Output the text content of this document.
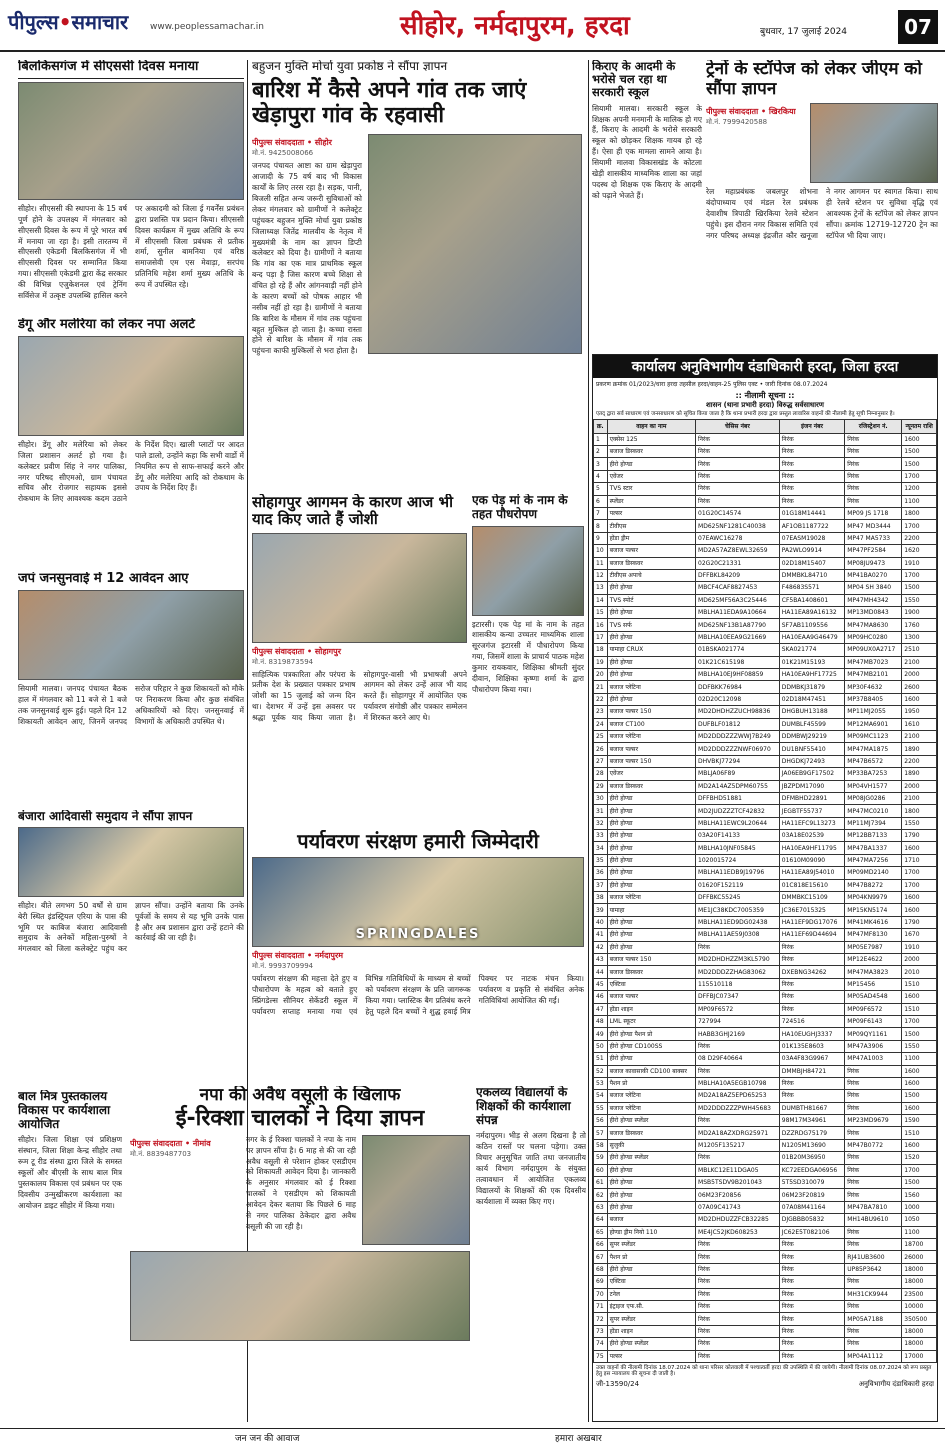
पीपुल्स•समाचार www.peoplessamachar.in	सीहोर, नर्मदापुरम, हरदा	बुधवार, 17 जुलाई 2024	07
बिलकिसगंज में सीएससी दिवस मनाया
सीहोर। सीएससी की स्थापना के 15 वर्ष पूर्ण होने के उपलक्ष्य में मंगलवार को सीएससी दिवस के रूप में पूरे भारत वर्ष में मनाया जा रहा है। इसी तारतम्य में सीएससी एकेडमी बिलकिसगंज में भी सीएससी दिवस पर सम्मानित किया गया। सीएससी एकेडमी द्वारा केंद्र सरकार की विभिन्न एजुकेशनल एवं ट्रेनिंग सर्विसेज में उत्कृष्ट उपलब्धि हासिल करने पर अकादमी को जिला ई गवर्नेंस प्रबंधन द्वारा प्रशस्ति पत्र प्रदान किया। सीएससी दिवस कार्यक्रम में मुख्य अतिथि के रूप में सीएससी जिला प्रबंधक से प्रतीक शर्मा, सुनील बामनिया एवं वरिष्ठ समाजसेवी एम एस मेवाड़ा, सरपंच प्रतिनिधि महेश शर्मा मुख्य अतिथि के रूप में उपस्थित रहे।
डेंगू और मलेरिया को लेकर नपा अलर्ट
सीहोर। डेंगू और मलेरिया को लेकर जिला प्रशासन अलर्ट हो गया है। कलेक्टर प्रवीण सिंह ने नगर पालिका, नगर परिषद सीएमओ, ग्राम पंचायत सचिव और रोजगार सहायक इससे रोकथाम के लिए आवश्यक कदम उठाने के निर्देश दिए। खाली प्लाटों पर आदत पाले डालो, उन्होंने कहा कि सभी वार्डो में नियमित रूप से साफ-सफाई करने और डेंगू और मलेरिया आदि को रोकथाम के उपाय के निर्देश दिए हैं।
जपं जनसुनवाई में 12 आवेदन आए
सियामी मालवा। जनपद पंचायत बैठक हाल में मंगलवार को 11 बजे से 1 बजे तक जनसुनवाई शुरू हुई। पहले दिन 12 शिकायती आवेदन आए, जिनमें जनपद सरोज परिहार ने कुछ शिकायतों को मौके पर निराकरण किया और कुछ संबंधित अधिकारियों को दिए। जनसुनवाई में विभागों के अधिकारी उपस्थित थे।
बंजारा आदिवासी समुदाय ने सौंपा ज्ञापन
सीहोर। बीते लगभग 50 वर्षों से ग्राम बेरी स्थित इंडस्ट्रियल एरिया के पास की भूमि पर काबिज बंजारा आदिवासी समुदाय के अनेकों महिला-पुरुषों ने मंगलवार को जिला कलेक्ट्रेट पहुंच कर ज्ञापन सौंपा। उन्होंने बताया कि उनके पूर्वजों के समय से यह भूमि उनके पास है और अब प्रशासन द्वारा उन्हें हटाने की कार्रवाई की जा रही है।
बाल मित्र पुस्तकालय विकास पर कार्यशाला आयोजित
सीहोर। जिला शिक्षा एवं प्रशिक्षण संस्थान, जिला शिक्षा केन्द्र सीहोर तथा रूम टू रीड संस्था द्वारा जिले के समस्त स्कूलों और बीएसी के साथ बाल मित्र पुस्तकालय विकास एवं प्रबंधन पर एक दिवसीय उन्मुखीकरण कार्यशाला का आयोजन डाइट सीहोर में किया गया।
बहुजन मुक्ति मोर्चा युवा प्रकोष्ठ ने सौंपा ज्ञापन
बारिश में कैसे अपने गांव तक जाएं खेड़ापुरा गांव के रहवासी
पीपुल्स संवाददाता • सीहोर
मो.नं. 9425008066
जनपद पंचायत आष्टा का ग्राम खेड़ापुरा आजादी के 75 वर्ष बाद भी विकास कार्यों के लिए तरस रहा है। सड़क, पानी, बिजली सहित अन्य जरूरी सुविधाओं को लेकर मंगलवार को ग्रामीणों ने कलेक्ट्रेट पहुंचकर बहुजन मुक्ति मोर्चा युवा प्रकोष्ठ जिलाध्यक्ष जितेंद्र मालवीय के नेतृत्व में मुख्यमंत्री के नाम का ज्ञापन डिप्टी कलेक्टर को दिया है। ग्रामीणों ने बताया कि गांव का एक मात्र प्राथमिक स्कूल बन्द पड़ा है जिस कारण बच्चे शिक्षा से वंचित हो रहे हैं और आंगनवाड़ी नहीं होने के कारण बच्चों को पोषक आहार भी नसीब नहीं हो रहा है। ग्रामीणों ने बताया कि बारिश के मौसम में गांव तक पहुंचना बहुत मुश्किल हो जाता है। कच्चा रास्ता होने से बारिश के मौसम में गांव तक पहुंचना काफी मुश्किलों से भरा होता है।
सोहागपुर आगमन के कारण आज भी याद किए जाते हैं जोशी
पीपुल्स संवाददाता • सोहागपुर
मो.नं. 8319873594
साहित्यिक पत्रकारिता और परंपरा के प्रतीक देश के प्रख्यात पत्रकार प्रभाष जोशी का 15 जुलाई को जन्म दिन था। देशभर में उन्हें इस अवसर पर श्रद्धा पूर्वक याद किया जाता है। सोहागपुर-वासी भी प्रभाषजी अपने आगमन को लेकर उन्हें आज भी याद करते हैं। सोहागपुर में आयोजित एक पर्यावरण संगोष्ठी और पत्रकार सम्मेलन में शिरकत करने आए थे।
एक पेड़ मां के नाम के तहत पौधरोपण
इटारसी। एक पेड़ मां के नाम के तहत शासकीय कन्या उच्चतर माध्यमिक शाला सूरजगंज इटारसी में पौधारोपण किया गया, जिसमें शाला के प्राचार्य पाठक महेश कुमार रायकवार, शिक्षिका श्रीमती सुंदर दीवान, शिक्षिका कृष्णा शर्मा के द्वारा पौधारोपण किया गया।
पर्यावरण संरक्षण हमारी जिम्मेदारी
SPRINGDALES
पीपुल्स संवाददाता • नर्मदापुरम
मो.नं. 9993709994
पर्यावरण संरक्षण की महत्ता देते हुए व पौधारोपण के महत्व को बताते हुए स्प्रिंगडेल्स सीनियर सेकेंडरी स्कूल में पर्यावरण सप्ताह मनाया गया एवं विभिन्न गतिविधियों के माध्यम से बच्चों को पर्यावरण संरक्षण के प्रति जागरूक किया गया। प्लास्टिक बैग प्रतिबंध करने हेतु पहले दिन बच्चों ने शुद्ध हवाई मित्र पिक्चर पर नाटक मंचन किया। पर्यावरण व प्रकृति से संबंधित अनेक गतिविधियां आयोजित की गईं।
नपा की अवैध वसूली के खिलाफ
ई-रिक्शा चालकों ने दिया ज्ञापन
पीपुल्स संवाददाता • नीमांव
मो.नं. 8839487703
नगर के ई रिक्शा चालकों ने नपा के नाम पर ज्ञापन सौंपा है। 6 माह से की जा रही अवैध वसूली से परेशान होकर एसडीएम को शिकायती आवेदन दिया है। जानकारी के अनुसार मंगलवार को ई रिक्शा चालकों ने एसडीएम को शिकायती आवेदन देकर बताया कि पिछले 6 माह से नगर पालिका ठेकेदार द्वारा अवैध वसूली की जा रही है।
एकलव्य विद्यालयों के शिक्षकों की कार्यशाला संपन्न
नर्मदापुरम। भीड़ से अलग दिखना है तो कठिन रास्तों पर चलना पड़ेगा। उक्त विचार अनुसूचित जाति तथा जनजातीय कार्य विभाग नर्मदापुरम के संयुक्त तत्वावधान में आयोजित एकलव्य विद्यालयों के शिक्षकों की एक दिवसीय कार्यशाला में व्यक्त किए गए।
किराए के आदमी के भरोसे चल रहा था सरकारी स्कूल
सियामी मालवा। सरकारी स्कूल के शिक्षक अपनी मनमानी के मालिक हो गए हैं, किराए के आदमी के भरोसे सरकारी स्कूल को छोड़कर शिक्षक गायब हो रहे हैं। ऐसा ही एक मामला सामने आया है। सियामी मालवा विकासखंड के कोटला खेड़ी शासकीय माध्यमिक शाला का जहां पदस्थ दो शिक्षक एक किराए के आदमी को पढ़ाने भेजते हैं।
ट्रेनों के स्टॉपेज को लेकर जीएम को सौंपा ज्ञापन
पीपुल्स संवाददाता • खिरकिया
मो.नं. 7999420588
रेल महाप्रबंधक जबलपुर शोभना बंदोपाध्याय एवं मंडल रेल प्रबंधक देवाशीष त्रिपाठी खिरकिया रेलवे स्टेशन पहुंचे। इस दौरान नगर विकास समिति एवं नगर परिषद अध्यक्ष इंद्रजीत कौर खनूजा ने नगर आगमन पर स्वागत किया। साथ ही रेलवे स्टेशन पर सुविधा वृद्धि एवं आवश्यक ट्रेनों के स्टॉपेज को लेकर ज्ञापन सौंपा। क्रमांक 12719-12720 ट्रेन का स्टॉपेज भी दिया जाए।
कार्यालय अनुविभागीय दंडाधिकारी हरदा, जिला हरदा
प्रकरण क्रमांक 01/2023/धारा हरदा तहसील हरदा/वाहन-25 पुलिस एक्ट • जारी दिनांक 08.07.2024
:: नीलामी सूचना ::
शासन (थाना प्रभारी हरदा) विरुद्ध सर्वसाधारण
एतद् द्वारा सर्व साधारण एवं जनसाधारण को सूचित किया जाता है कि थाना प्रभारी हरदा द्वारा प्रस्तुत लावारिस वाहनों की नीलामी हेतु सूची निम्नानुसार है।
क्र.	वाहन का नाम	चेसिस नंबर	इंजन नंबर	रजिस्ट्रेशन नं.	न्यूनतम राशि
1	एक्सेस 125	निरंक	निरंक	निरंक	1600
2	बजाज डिस्कवर	निरंक	निरंक	निरंक	1500
3	हीरो होण्डा	निरंक	निरंक	निरंक	1500
4	एवेंजर	निरंक	निरंक	निरंक	1700
5	TVS स्टार	निरंक	निरंक	निरंक	1200
6	स्प्लेंडर	निरंक	निरंक	निरंक	1100
7	पल्सर	01G20C14574	01G18M14441	MP09 JS 1718	1800
8	टीवीएस	MD625NF1281C40038	AF1OB1187722	MP47 MD3444	1700
9	होंडा ड्रीम	07EAWC16278	07EASM19028	MP47 MA5733	2200
10	बजाज पल्सर	MD2A57AZ8EWL32659	PA2WLO9914	MP47PF2584	1620
11	बजाज डिस्कवर	02G20C21331	02D18M15407	MP08JU9473	1910
12	टीवीएस अपाचे	DFFBKL84209	DMMBKL84710	MP41BA0270	1700
13	हीरो होण्डा	MBCF4CAF8827453	F48683S571	MP04 SH 3840	1500
14	TVS स्पोर्ट	MD625MF56A3C25446	CF5BA1408601	MP47MH4342	1550
15	हीरो होण्डा	MBLHA11EDA9A10664	HA11EA89A16132	MP13MD0843	1900
16	TVS सर्फ	MD625NF13B1A87790	SF7AB1109556	MP47MA8630	1760
17	हीरो होण्डा	MBLHA10EEA9G21669	HA10EAA9G46479	MP09HC0280	1300
18	यामाहा CRUX	01BSKA021774	SKA021774	MP09UX0A2717	2510
19	हीरो होण्डा	01K21C615198	01K21M15193	MP47MB7023	2100
20	हीरो होण्डा	MBLHA10EJ9HF08859	HA10EA9HF17725	MP47MB2101	2000
21	बजाज प्लेटिना	DDFBKK76984	DDMBKJ31879	MP30F4632	2600
22	हीरो होण्डा	02D20C12098	02D18M47451	MP37B8405	1600
23	बजाज पल्सर 150	MD2DHDHZZUCH98836	DHGBUH13188	MP11MJ2055	1950
24	बजाज CT100	DUFBLF01812	DUMBLF45599	MP12MA6901	1610
25	बजाज प्लेटिना	MD2DDDZZZWWJ7B249	DDMBWJ29219	MP09MC1123	2100
26	बजाज पल्सर	MD2DDDZZZNWF06970	DU1BNF55410	MP47MA1875	1890
27	बजाज पल्सर 150	DHVBKJ77294	DHGDKJ72493	MP47B6572	2200
28	एवेंजर	MBLJA06F89	JA06EB9GF17502	MP33BA7253	1890
29	बजाज डिस्कवर	MD2A14AZ5DPM60755	JBZPDM17090	MP04VH1577	2000
30	हीरो होण्डा	DFFBHD51881	DFMBHD22891	MP08JG0286	2100
31	हीरो होण्डा	MD2JUDZZZTCF42832	JEGBTF55737	MP47MC0210	1800
32	हीरो होण्डा	MBLHA11EWC9L20644	HA11EFC9L13273	MP11MJ7394	1550
33	हीरो होण्डा	03A20F14133	03A18E02539	MP12BB7133	1790
34	हीरो होण्डा	MBLHA10JNF05845	HA10EA9HF11795	MP47BA1337	1600
35	हीरो होण्डा	1020015724	01610M09090	MP47MA7256	1710
36	हीरो होण्डा	MBLHA11EDB9J19796	HA11EA89J54010	MP09MD2140	1700
37	हीरो होण्डा	01620F152119	01C818E15610	MP47B8272	1700
38	बजाज प्लेटिना	DFFBKC55245	DMMBKC15109	MP04KN9979	1600
39	यामाहा	ME1JC38KDC7005359	JC36E7015325	MP15KN5174	1600
40	हीरो होण्डा	MBLHA11ED9DG02438	HA11EF9DG17076	MP41MK4616	1790
41	हीरो होण्डा	MBLHA11AE59J0308	HA11EF69D44694	MP47MF8130	1670
42	हीरो होण्डा	निरंक	निरंक	MP05E7987	1910
43	बजाज पल्सर 150	MD2DHDHZZM3KL5790	निरंक	MP12E4622	2000
44	बजाज डिस्कवर	MD2DDDZZHAG83062	DXEBNG34262	MP47MA3823	2010
45	एक्टिवा	115510118	निरंक	MP15456	1510
46	बजाज पल्सर	DFFBJC07347	निरंक	MP05AD4548	1600
47	होंडा शाइन	MP09F6572	निरंक	MP09F6572	1510
48	LML स्कूटर	727994	724516	MP09F6143	1700
49	हीरो होण्डा पैशन प्रो	HABB3GHJ2169	HA10EUGHJ3337	MP09QY1161	1500
50	हीरो होण्डा CD100SS	निरंक	01K135E8603	MP47A3906	1550
51	हीरो होण्डा	08 D29F40664	03A4F83G9967	MP47A1003	1100
52	बजाज कावासाकी CD100 बाक्सर	निरंक	DMMBJH84721	निरंक	1600
53	पैशन प्रो	MBLHA10A5EGB10798	निरंक	निरंक	1600
54	बजाज प्लेटिना	MD2A18AZ5EPD65253	निरंक	निरंक	1500
55	बजाज प्लेटिना	MD2DDDZZZPWH45683	DUMBTH81667	निरंक	1600
56	हीरो होण्डा स्प्लेंडर	निरंक	98M17M34961	MP23MD9679	1590
57	बजाज डिस्कवर	MD2A18AZXDRG25971	DZZRDG75179	निरंक	1510
58	सुजुकी	M1205F135217	N1205M13690	MP47B0772	1600
59	हीरो होण्डा स्प्लेंडर	निरंक	01B20M36950	निरंक	1520
60	हीरो होण्डा	MBLKC12E11DGA05	KC72EEDGA06956	निरंक	1700
61	हीरो होण्डा	MSB5TSDV9B201043	5T5SD310079	निरंक	1500
62	हीरो होण्डा	06M23F20856	06M23F20819	निरंक	1560
63	हीरो होण्डा	07A09C41743	07A08M41164	MP47BA7810	1000
64	बजाज	MD2DHDUZZFCB32285	DJGBBB05832	MH14BU9610	1050
65	होण्डा ड्रीम नियो 110	ME4JC52JKD608253	JC62E5T082106	निरंक	1100
66	सुपर स्प्लेंडर	निरंक	निरंक	निरंक	18700
67	पैशन प्रो	निरंक	निरंक	RJ41UB3600	26000
68	हीरो होण्डा	निरंक	निरंक	UP85P3642	18000
69	एक्टिवा	निरंक	निरंक	निरंक	18000
70	टनेल	निरंक	निरंक	MH31CK9944	23500
71	इंट्राइज एफ.सी.	निरंक	निरंक	निरंक	10000
72	सुपर स्प्लेंडर	निरंक	निरंक	MP05A7188	350500
73	होंडा शाइन	निरंक	निरंक	निरंक	18000
74	हीरो होण्डा स्प्लेंडर	निरंक	निरंक	निरंक	18000
75	पल्सर	निरंक	निरंक	MP04A1112	17000
उक्त वाहनों की नीलामी दिनांक 18.07.2024 को थाना परिसर कोतवाली में पश्चात्वर्ती हरदा की उपस्थिति में की जायेगी। नीलामी दिनांक 08.07.2024 को रूप प्रस्तुत हेतु इस न्यायालय की सूचना दी जाती है।
जी-13590/24	अनुविभागीय दंडाधिकारी हरदा
जन जन की आवाज	हमारा अखबार
